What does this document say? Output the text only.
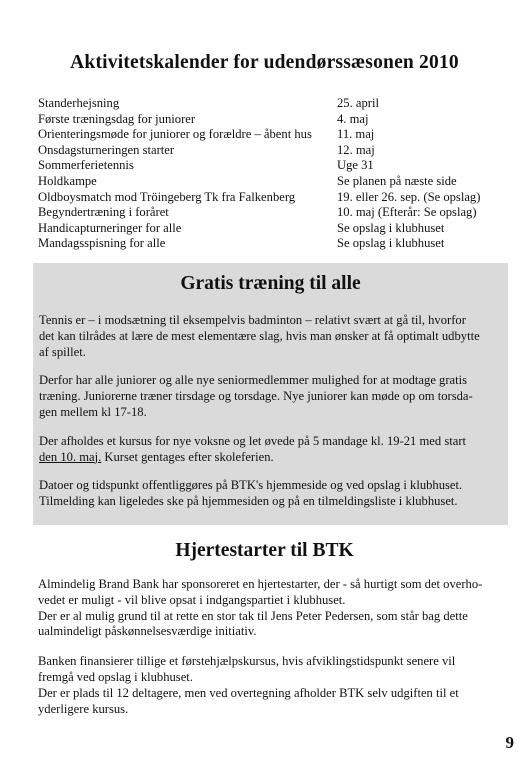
Aktivitetskalender for udendørssæsonen 2010
Standerhejsning	25. april
Første træningsdag for juniorer	4. maj
Orienteringsmøde for juniorer og forældre – åbent hus	11. maj
Onsdagsturneringen starter	12. maj
Sommerferietennis	Uge 31
Holdkampe	Se planen på næste side
Oldboysmatch mod Tröingeberg Tk fra Falkenberg	19. eller 26. sep. (Se opslag)
Begyndertræning i foråret	10. maj (Efterår: Se opslag)
Handicapturneringer for alle	Se opslag i klubhuset
Mandagsspisning for alle	Se opslag i klubhuset
Gratis træning til alle

Tennis er – i modsætning til eksempelvis badminton – relativt svært at gå til, hvorfor
det kan tilrådes at lære de mest elementære slag, hvis man ønsker at få optimalt udbytte
af spillet.

Derfor har alle juniorer og alle nye seniormedlemmer mulighed for at modtage gratis
træning. Juniorerne træner tirsdage og torsdage. Nye juniorer kan møde op om torsda-
gen mellem kl 17-18.

Der afholdes et kursus for nye voksne og let øvede på 5 mandage kl. 19-21 med start
den 10. maj. Kurset gentages efter skoleferien.

Datoer og tidspunkt offentliggøres på BTK's hjemmeside og ved opslag i klubhuset.
Tilmelding kan ligeledes ske på hjemmesiden og på en tilmeldingsliste i klubhuset.

Hjertestarter til BTK

Almindelig Brand Bank har sponsoreret en hjertestarter, der - så hurtigt som det overho-
vedet er muligt - vil blive opsat i indgangspartiet i klubhuset.
Der er al mulig grund til at rette en stor tak til Jens Peter Pedersen, som står bag dette
ualmindeligt påskønnelsesværdige initiativ.

Banken finansierer tillige et førstehjælpskursus, hvis afviklingstidspunkt senere vil
fremgå ved opslag i klubhuset.
Der er plads til 12 deltagere, men ved overtegning afholder BTK selv udgiften til et
yderligere kursus.

9
